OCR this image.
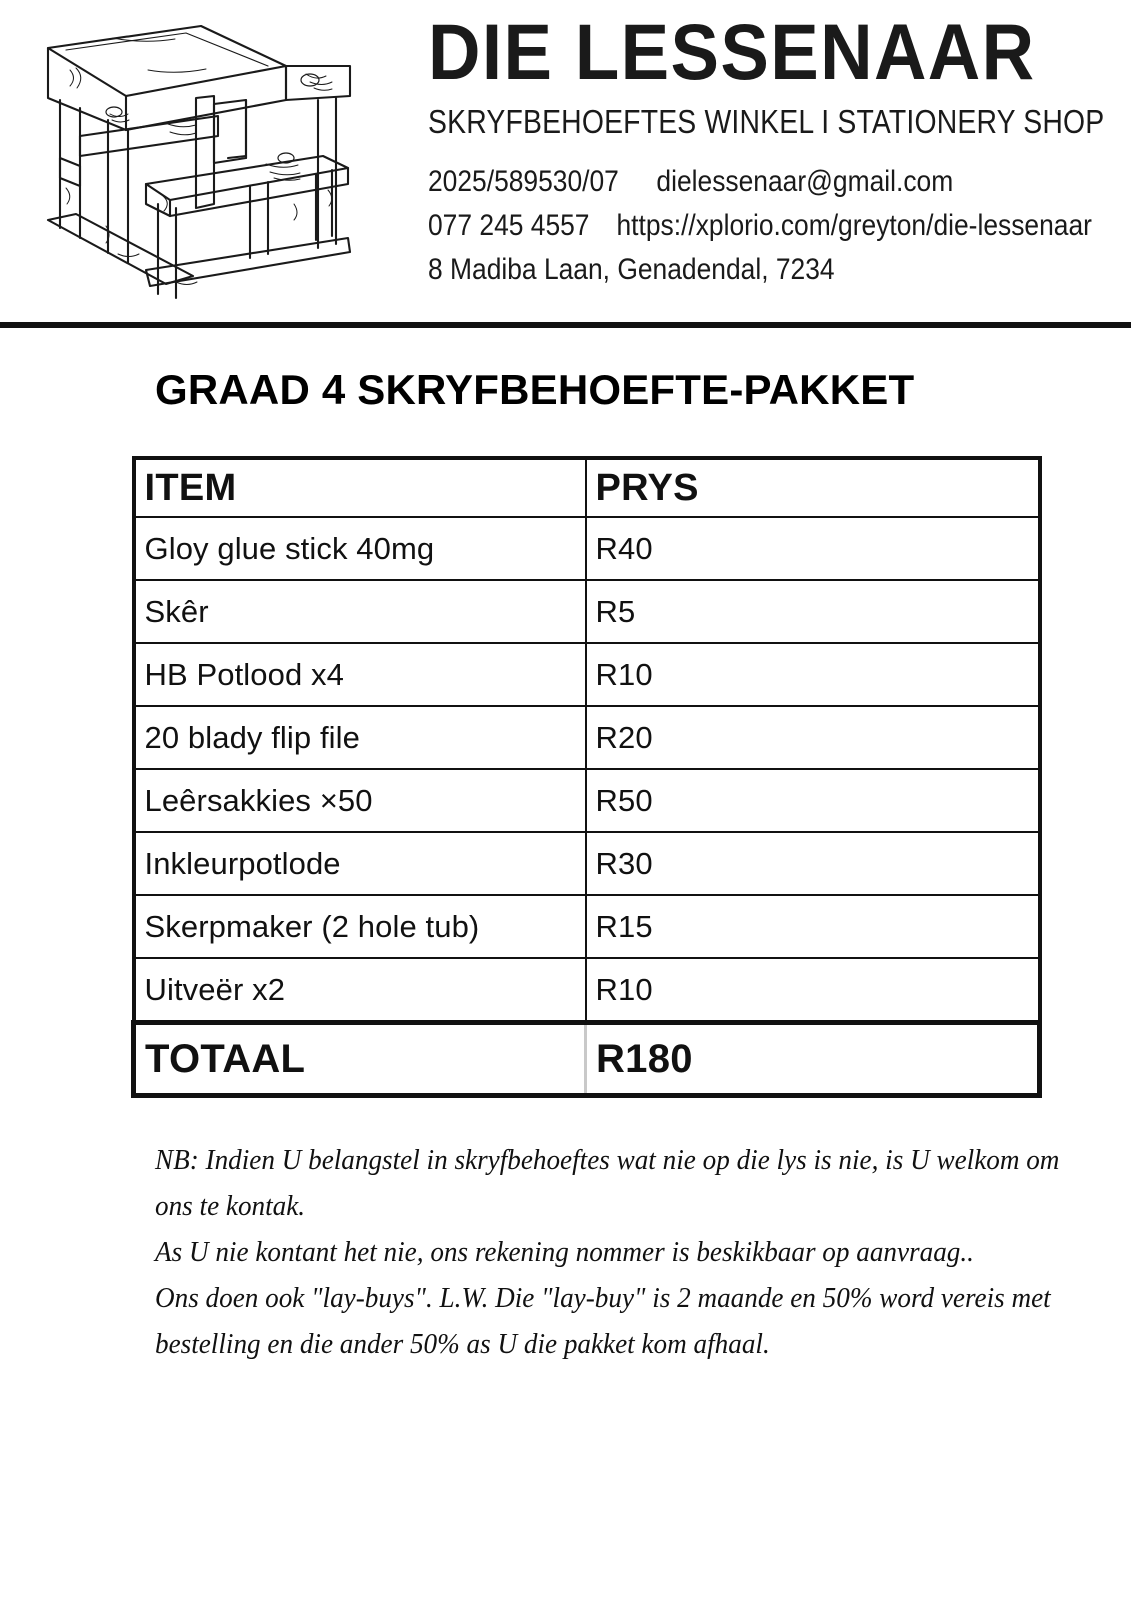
DIE LESSENAAR
SKRYFBEHOEFTES WINKEL I STATIONERY SHOP
2025/589530/07 dielessenaar@gmail.com
077 245 4557 https://xplorio.com/greyton/die-lessenaar
8 Madiba Laan, Genadendal, 7234
GRAAD 4 SKRYFBEHOEFTE-PAKKET
ITEM	PRYS
Gloy glue stick 40mg	R40
Skêr	R5
HB Potlood x4	R10
20 blady flip file	R20
Leêrsakkies ×50	R50
Inkleurpotlode	R30
Skerpmaker (2 hole tub)	R15
Uitveër x2	R10
TOTAAL	R180
NB: Indien U belangstel in skryfbehoeftes wat nie op die lys is nie, is U welkom om
ons te kontak.
As U nie kontant het nie, ons rekening nommer is beskikbaar op aanvraag..
Ons doen ook "lay-buys". L.W. Die "lay-buy" is 2 maande en 50% word vereis met
bestelling en die ander 50% as U die pakket kom afhaal.
